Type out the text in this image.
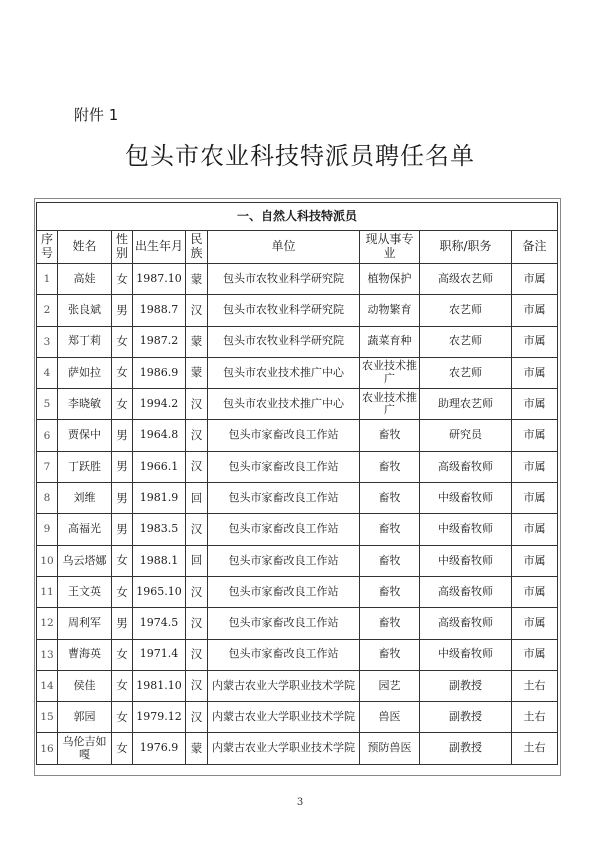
附件 1
包头市农业科技特派员聘任名单
一、自然人科技特派员								
序号	姓名	性别	出生年月	民族	单位	现从事专业	职称/职务	备注
1	高娃	女	1987.10	蒙	包头市农牧业科学研究院	植物保护	高级农艺师	市属
2	张良斌	男	1988.7	汉	包头市农牧业科学研究院	动物繁育	农艺师	市属
3	郑丁莉	女	1987.2	蒙	包头市农牧业科学研究院	蔬菜育种	农艺师	市属
4	萨如拉	女	1986.9	蒙	包头市农业技术推广中心	农业技术推广	农艺师	市属
5	李晓敏	女	1994.2	汉	包头市农业技术推广中心	农业技术推广	助理农艺师	市属
6	贾保中	男	1964.8	汉	包头市家畜改良工作站	畜牧	研究员	市属
7	丁跃胜	男	1966.1	汉	包头市家畜改良工作站	畜牧	高级畜牧师	市属
8	刘维	男	1981.9	回	包头市家畜改良工作站	畜牧	中级畜牧师	市属
9	高福光	男	1983.5	汉	包头市家畜改良工作站	畜牧	中级畜牧师	市属
10	乌云塔娜	女	1988.1	回	包头市家畜改良工作站	畜牧	中级畜牧师	市属
11	王文英	女	1965.10	汉	包头市家畜改良工作站	畜牧	高级畜牧师	市属
12	周利军	男	1974.5	汉	包头市家畜改良工作站	畜牧	高级畜牧师	市属
13	曹海英	女	1971.4	汉	包头市家畜改良工作站	畜牧	中级畜牧师	市属
14	侯佳	女	1981.10	汉	内蒙古农业大学职业技术学院	园艺	副教授	土右
15	郭园	女	1979.12	汉	内蒙古农业大学职业技术学院	兽医	副教授	土右
16	乌伦吉如嘎	女	1976.9	蒙	内蒙古农业大学职业技术学院	预防兽医	副教授	土右
3
